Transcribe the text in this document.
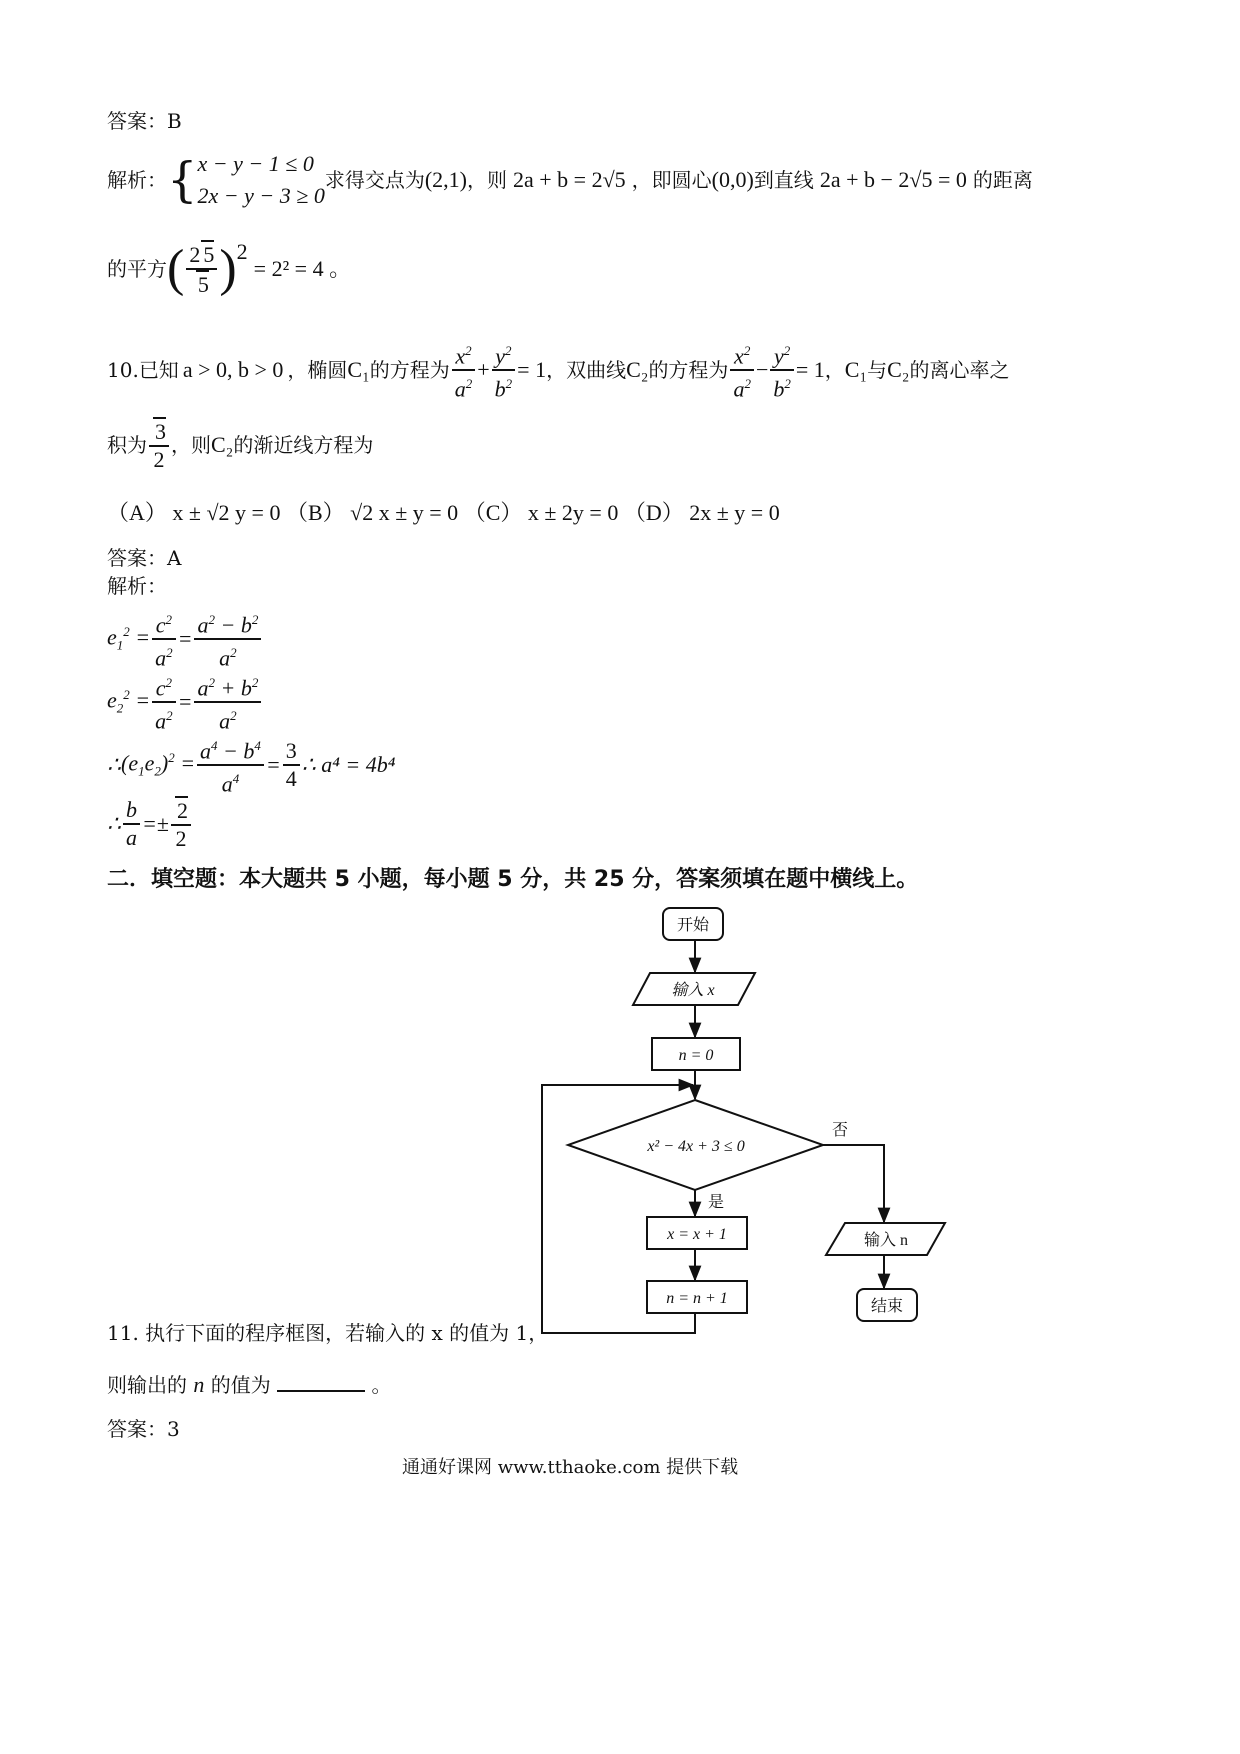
答案：B
解析： { x − y − 1 ≤ 0
2x − y − 3 ≥ 0
求得交点为 (2,1) ，则 2a + b = 2√5 ，即圆心 (0,0) 到直线 2a + b − 2√5 = 0 的距离
的平方 ( $\frac{2 5}{5}$ ) 2
= 2² = 4 。
10. 已知 a > 0, b > 0 ，椭圆 C₁ 的方程为 $\frac{x^2}{a^2} + \frac{y^2}{b^2} = 1$ ，双曲线 C₂ 的方程为 $\frac{x^2}{a^2} - \frac{y^2}{b^2} = 1$ ， C₁ 与 C₂ 的离心率之
积为 $\frac{3}{2}$ ，则 C₂ 的渐近线方程为
（A） x ± √2 y = 0 （B） √2 x ± y = 0 （C） x ± 2y = 0 （D） 2x ± y = 0
答案：A
解析：
$e_1^2 = \frac{c^2}{a^2} = \frac{a^2 - b^2}{a^2}$
$e_2^2 = \frac{c^2}{a^2} = \frac{a^2 + b^2}{a^2}$
∴ $(e_1e_2)^2 = \frac{a^4 - b^4}{a^4} = \frac{3}{4}$ ∴ a⁴ = 4b⁴
∴ $\frac{b}{a}$ = ± $\frac{2}{2}$
二．填空题：本大题共 5 小题，每小题 5 分，共 25 分，答案须填在题中横线上。
开始
输入 x
n = 0
x² − 4x + 3 ≤ 0
x = x + 1
n = n + 1
输入 n
结束
是
否
11. 执行下面的程序框图，若输入的 x 的值为 1，
则输出的 n 的值为	。
答案：3
通通好课网 www.tthaoke.com 提供下载
